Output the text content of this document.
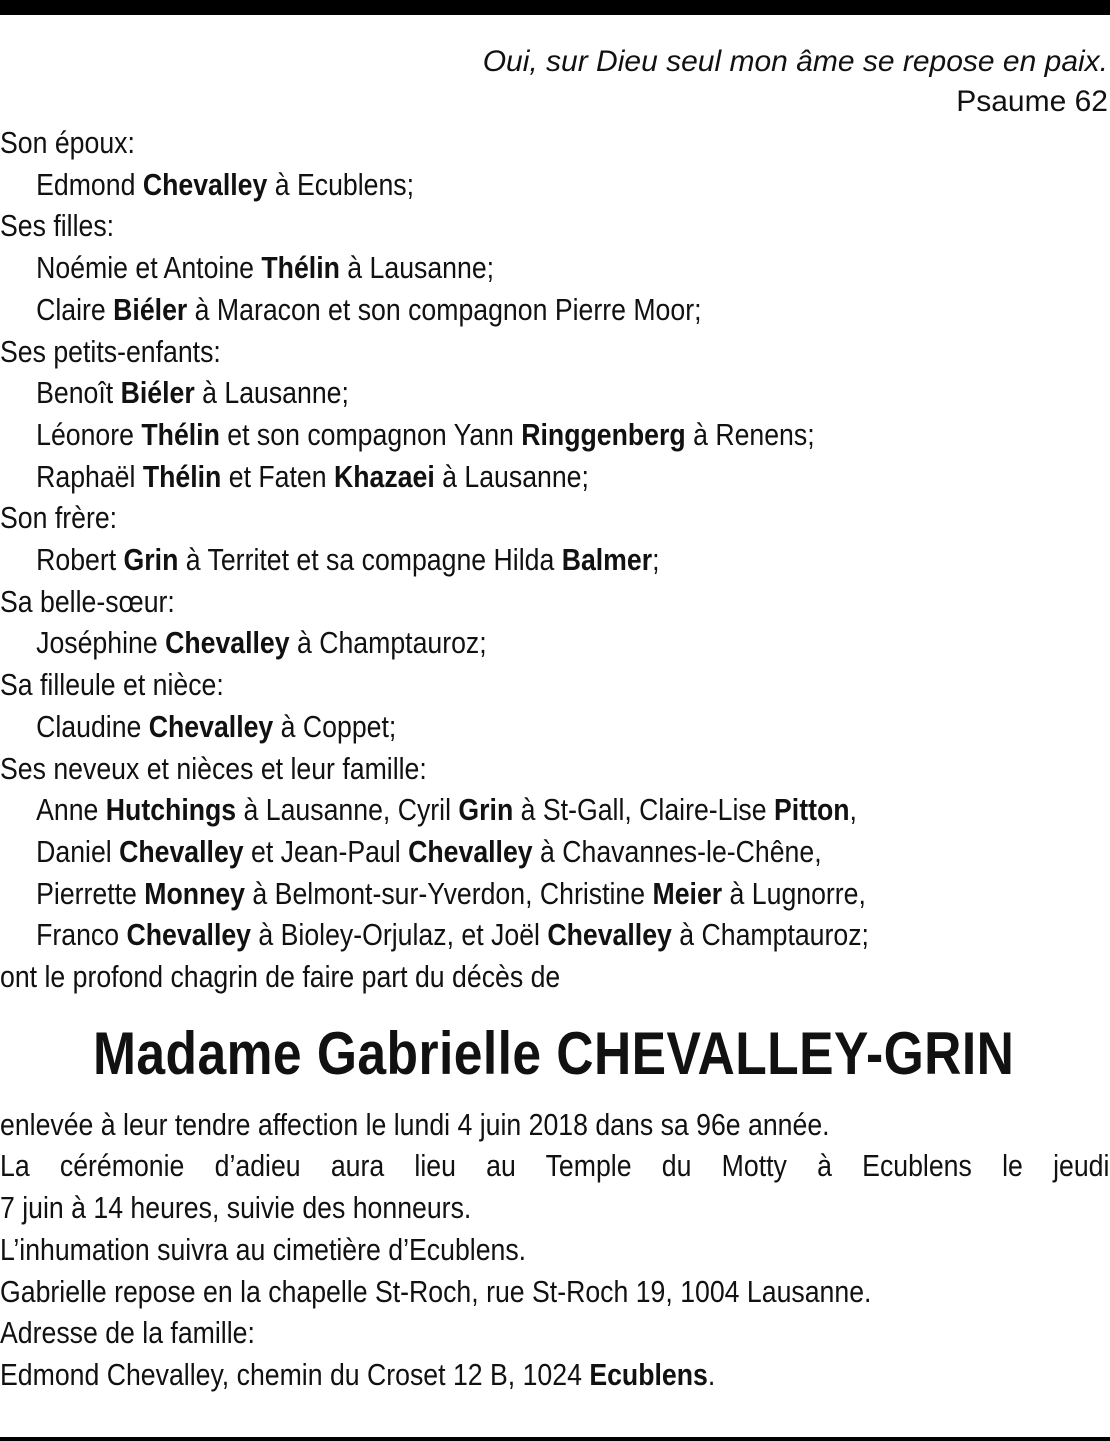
Oui, sur Dieu seul mon âme se repose en paix.
Psaume 62
Son époux:
Edmond Chevalley à Ecublens;
Ses filles:
Noémie et Antoine Thélin à Lausanne;
Claire Biéler à Maracon et son compagnon Pierre Moor;
Ses petits-enfants:
Benoît Biéler à Lausanne;
Léonore Thélin et son compagnon Yann Ringgenberg à Renens;
Raphaël Thélin et Faten Khazaei à Lausanne;
Son frère:
Robert Grin à Territet et sa compagne Hilda Balmer;
Sa belle-sœur:
Joséphine Chevalley à Champtauroz;
Sa filleule et nièce:
Claudine Chevalley à Coppet;
Ses neveux et nièces et leur famille:
Anne Hutchings à Lausanne, Cyril Grin à St-Gall, Claire-Lise Pitton,
Daniel Chevalley et Jean-Paul Chevalley à Chavannes-le-Chêne,
Pierrette Monney à Belmont-sur-Yverdon, Christine Meier à Lugnorre,
Franco Chevalley à Bioley-Orjulaz, et Joël Chevalley à Champtauroz;
ont le profond chagrin de faire part du décès de
Madame Gabrielle CHEVALLEY-GRIN
enlevée à leur tendre affection le lundi 4 juin 2018 dans sa 96e année.
La cérémonie d’adieu aura lieu au Temple du Motty à Ecublens le jeudi
7 juin à 14 heures, suivie des honneurs.
L’inhumation suivra au cimetière d’Ecublens.
Gabrielle repose en la chapelle St-Roch, rue St-Roch 19, 1004 Lausanne.
Adresse de la famille:
Edmond Chevalley, chemin du Croset 12 B, 1024 Ecublens.
